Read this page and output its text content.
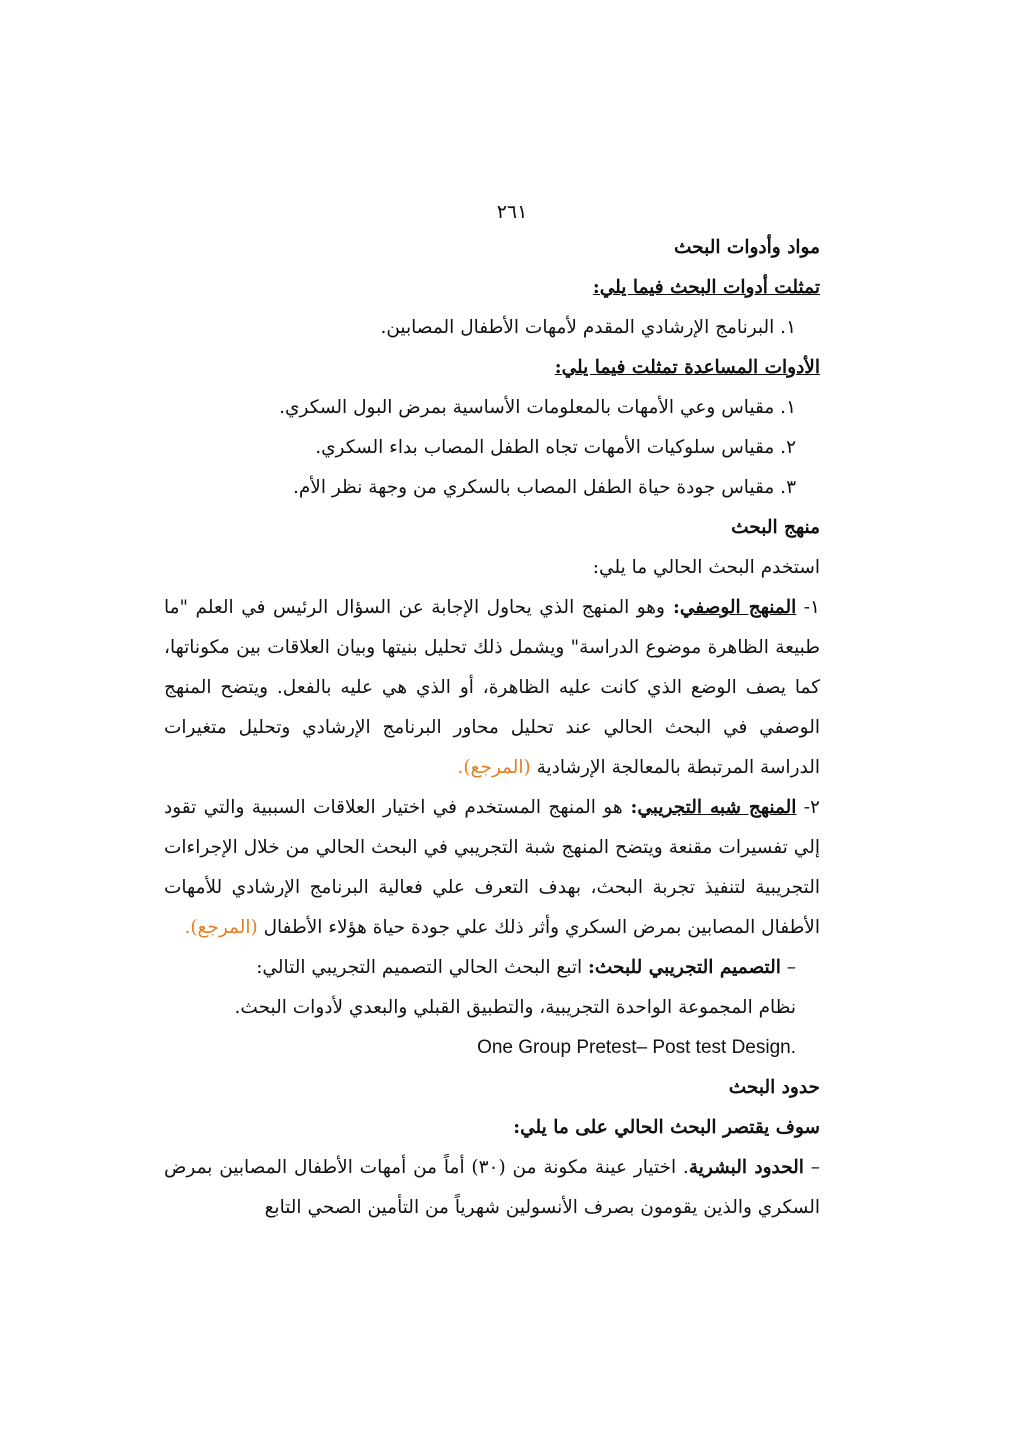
٢٦١
مواد وأدوات البحث
تمثلت أدوات البحث فيما يلي:
١. البرنامج الإرشادي المقدم لأمهات الأطفال المصابين.
الأدوات المساعدة تمثلت فيما يلي:
١. مقياس وعي الأمهات بالمعلومات الأساسية بمرض البول السكري.
٢. مقياس سلوكيات الأمهات تجاه الطفل المصاب بداء السكري.
٣. مقياس جودة حياة الطفل المصاب بالسكري من وجهة نظر الأم.
منهج البحث
استخدم البحث الحالي ما يلي:
١- المنهج الوصفي: وهو المنهج الذي يحاول الإجابة عن السؤال الرئيس في العلم "ما طبيعة الظاهرة موضوع الدراسة" ويشمل ذلك تحليل بنيتها وبيان العلاقات بين مكوناتها، كما يصف الوضع الذي كانت عليه الظاهرة، أو الذي هي عليه بالفعل. ويتضح المنهج الوصفي في البحث الحالي عند تحليل محاور البرنامج الإرشادي وتحليل متغيرات الدراسة المرتبطة بالمعالجة الإرشادية (المرجع).
٢- المنهج شبه التجريبي: هو المنهج المستخدم في اختيار العلاقات السببية والتي تقود إلي تفسيرات مقنعة ويتضح المنهج شبة التجريبي في البحث الحالي من خلال الإجراءات التجريبية لتنفيذ تجربة البحث، بهدف التعرف علي فعالية البرنامج الإرشادي للأمهات الأطفال المصابين بمرض السكري وأثر ذلك علي جودة حياة هؤلاء الأطفال (المرجع).
– التصميم التجريبي للبحث: اتبع البحث الحالي التصميم التجريبي التالي:
نظام المجموعة الواحدة التجريبية، والتطبيق القبلي والبعدي لأدوات البحث.
One Group Pretest– Post test Design.
حدود البحث
سوف يقتصر البحث الحالي على ما يلي:
– الحدود البشرية. اختيار عينة مكونة من (٣٠) أماً من أمهات الأطفال المصابين بمرض السكري والذين يقومون بصرف الأنسولين شهرياً من التأمين الصحي التابع
